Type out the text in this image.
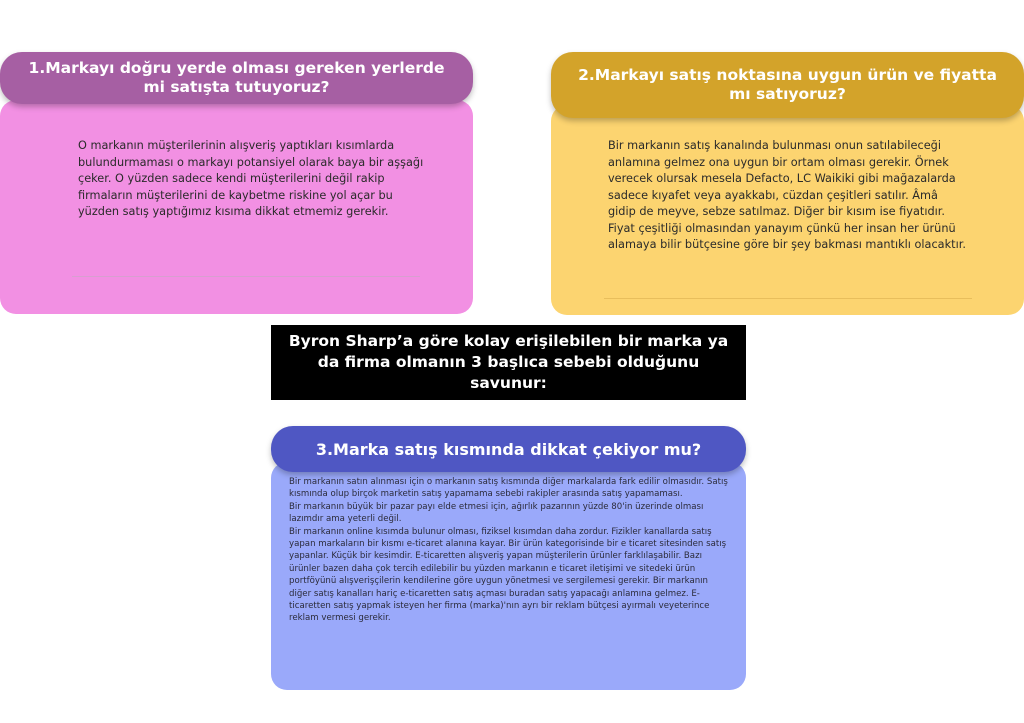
1.Markayı doğru yerde olması gereken yerlerde mi satışta tutuyoruz?
O markanın müşterilerinin alışveriş yaptıkları kısımlarda bulundurmaması o markayı potansiyel olarak baya bir aşşağı çeker. O yüzden sadece kendi müşterilerini değil rakip firmaların müşterilerini de kaybetme riskine yol açar bu yüzden satış yaptığımız kısıma dikkat etmemiz gerekir.
2.Markayı satış noktasına uygun ürün ve fiyatta mı satıyoruz?
Bir markanın satış kanalında bulunması onun satılabileceği anlamına gelmez ona uygun bir ortam olması gerekir. Örnek verecek olursak mesela Defacto, LC Waikiki gibi mağazalarda sadece kıyafet veya ayakkabı, cüzdan çeşitleri satılır. Âmâ gidip de meyve, sebze satılmaz. Diğer bir kısım ise fiyatıdır. Fiyat çeşitliği olmasından yanayım çünkü her insan her ürünü alamaya bilir bütçesine göre bir şey bakması mantıklı olacaktır.
Byron Sharp’a göre kolay erişilebilen bir marka ya da firma olmanın 3 başlıca sebebi olduğunu savunur:
3.Marka satış kısmında dikkat çekiyor mu?

Bir markanın satın alınması için o markanın satış kısmında diğer markalarda fark edilir olmasıdır. Satış kısmında olup birçok marketin satış yapamama sebebi rakipler arasında satış yapamaması.

Bir markanın büyük bir pazar payı elde etmesi için, ağırlık pazarının yüzde 80'in üzerinde olması lazımdır ama yeterli değil.

Bir markanın online kısımda bulunur olması, fiziksel kısımdan daha zordur. Fizikler kanallarda satış yapan markaların bir kısmı e-ticaret alanına kayar. Bir ürün kategorisinde bir e ticaret sitesinden satış yapanlar. Küçük bir kesimdir. E-ticaretten alışveriş yapan müşterilerin ürünler farklılaşabilir. Bazı ürünler bazen daha çok tercih edilebilir bu yüzden markanın e ticaret iletişimi ve sitedeki ürün portföyünü alışverişçilerin kendilerine göre uygun yönetmesi ve sergilemesi gerekir. Bir markanın diğer satış kanalları hariç e-ticaretten satış açması buradan satış yapacağı anlamına gelmez. E-ticaretten satış yapmak isteyen her firma (marka)'nın ayrı bir reklam bütçesi ayırmalı veyeterince reklam vermesi gerekir.
